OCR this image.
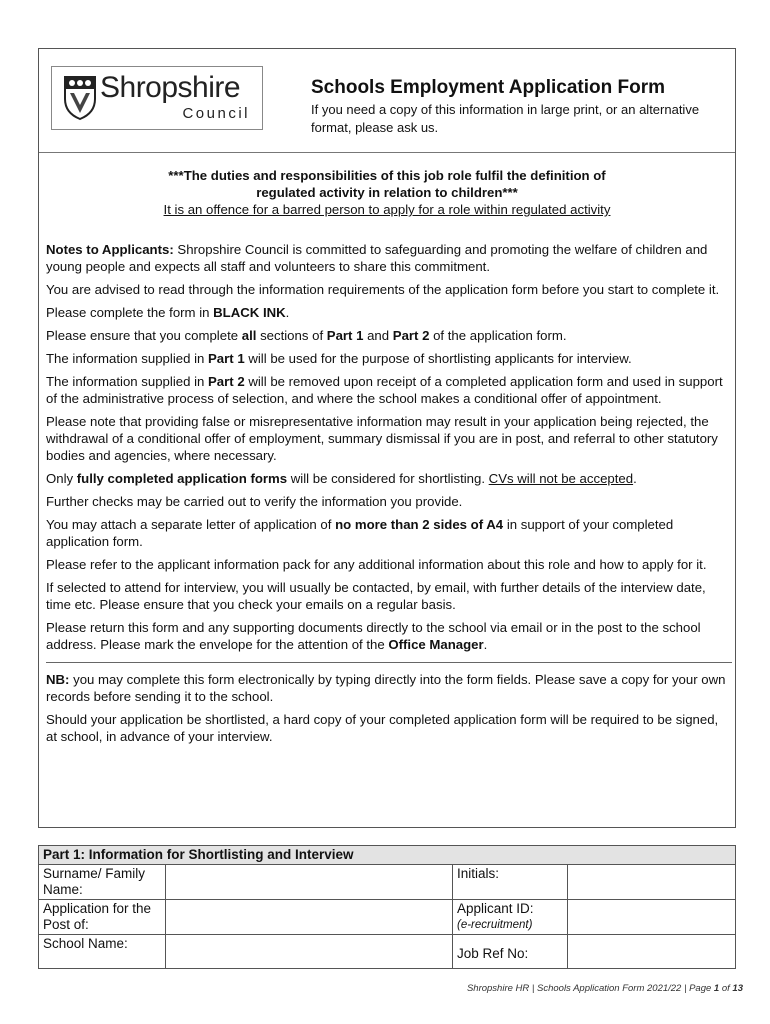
Shropshire
Council
Schools Employment Application Form
If you need a copy of this information in large print, or an alternative format, please ask us.
***The duties and responsibilities of this job role fulfil the definition of
regulated activity in relation to children***
It is an offence for a barred person to apply for a role within regulated activity

Notes to Applicants: Shropshire Council is committed to safeguarding and promoting the welfare of children and young people and expects all staff and volunteers to share this commitment.

You are advised to read through the information requirements of the application form before you start to complete it.

Please complete the form in BLACK INK.

Please ensure that you complete all sections of Part 1 and Part 2 of the application form.

The information supplied in Part 1 will be used for the purpose of shortlisting applicants for interview.

The information supplied in Part 2 will be removed upon receipt of a completed application form and used in support of the administrative process of selection, and where the school makes a conditional offer of appointment.

Please note that providing false or misrepresentative information may result in your application being rejected, the withdrawal of a conditional offer of employment, summary dismissal if you are in post, and referral to other statutory bodies and agencies, where necessary.

Only fully completed application forms will be considered for shortlisting. CVs will not be accepted.

Further checks may be carried out to verify the information you provide.

You may attach a separate letter of application of no more than 2 sides of A4 in support of your completed application form.

Please refer to the applicant information pack for any additional information about this role and how to apply for it.

If selected to attend for interview, you will usually be contacted, by email, with further details of the interview date, time etc. Please ensure that you check your emails on a regular basis.

Please return this form and any supporting documents directly to the school via email or in the post to the school address. Please mark the envelope for the attention of the Office Manager.

NB: you may complete this form electronically by typing directly into the form fields. Please save a copy for your own records before sending it to the school.

Should your application be shortlisted, a hard copy of your completed application form will be required to be signed, at school, in advance of your interview.

Part 1: Information for Shortlisting and Interview			
Surname/ Family Name:		Initials:	
Application for the Post of:		Applicant ID:
(e-recruitment)	

School Name:		Job Ref No:	
Shropshire HR | Schools Application Form 2021/22 | Page 1 of 13
